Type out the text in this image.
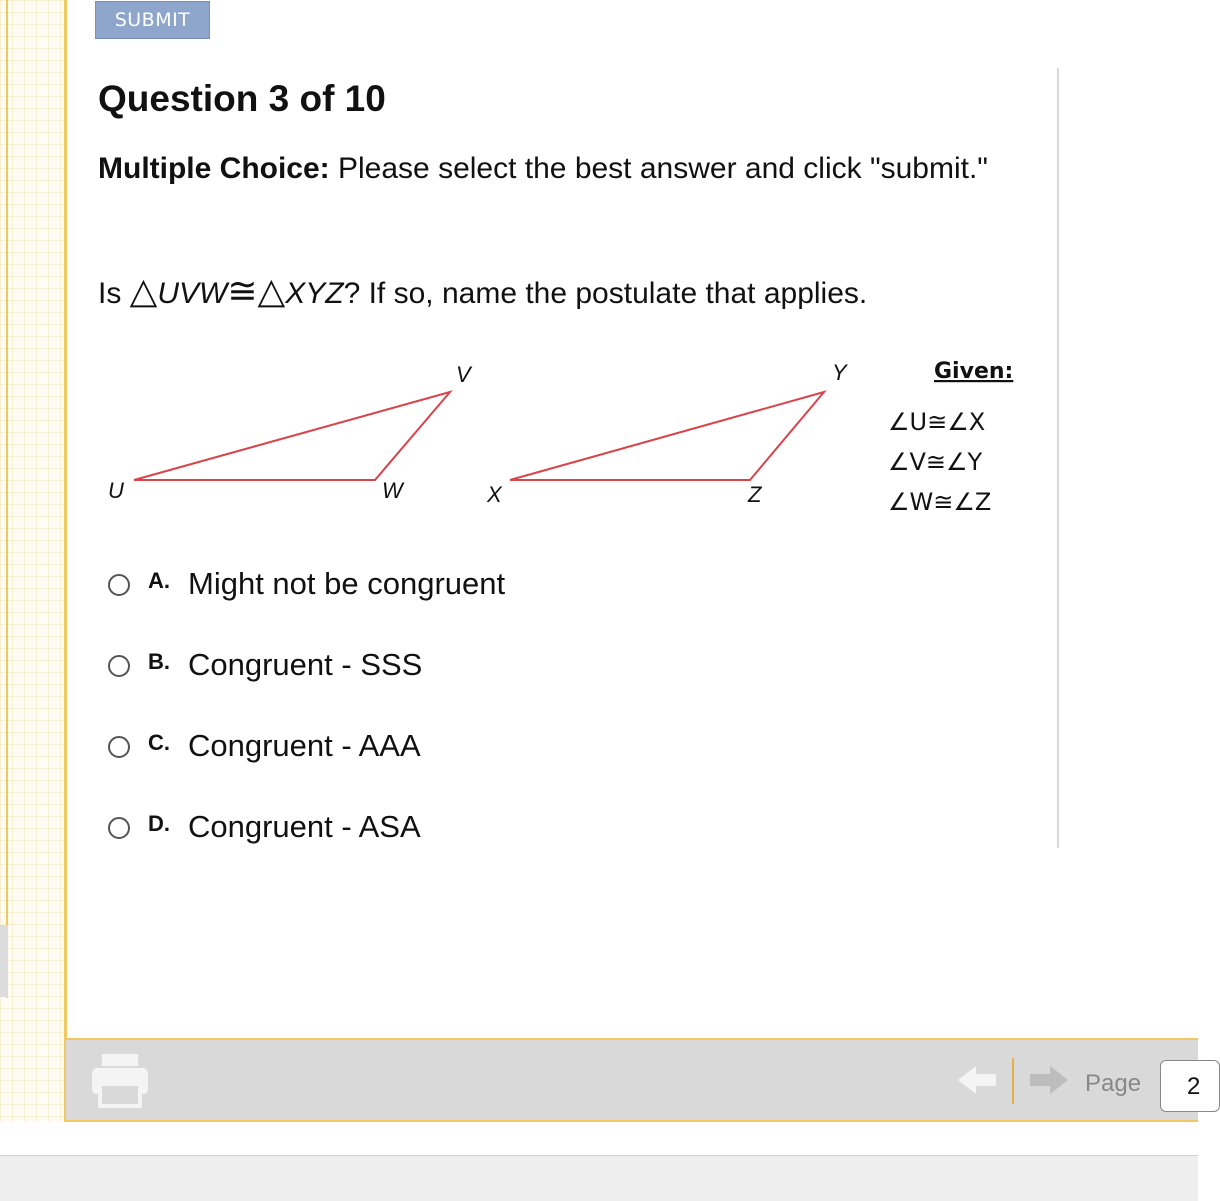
SUBMIT
Question 3 of 10
Multiple Choice: Please select the best answer and click "submit."
Is △UVW≅△XYZ? If so, name the postulate that applies.
U
V
W	X
Y
Z
Given:
∠U≅∠X
∠V≅∠Y
∠W≅∠Z
A. Might not be congruent
B. Congruent - SSS
C. Congruent - AAA
D. Congruent - ASA
Page	2
